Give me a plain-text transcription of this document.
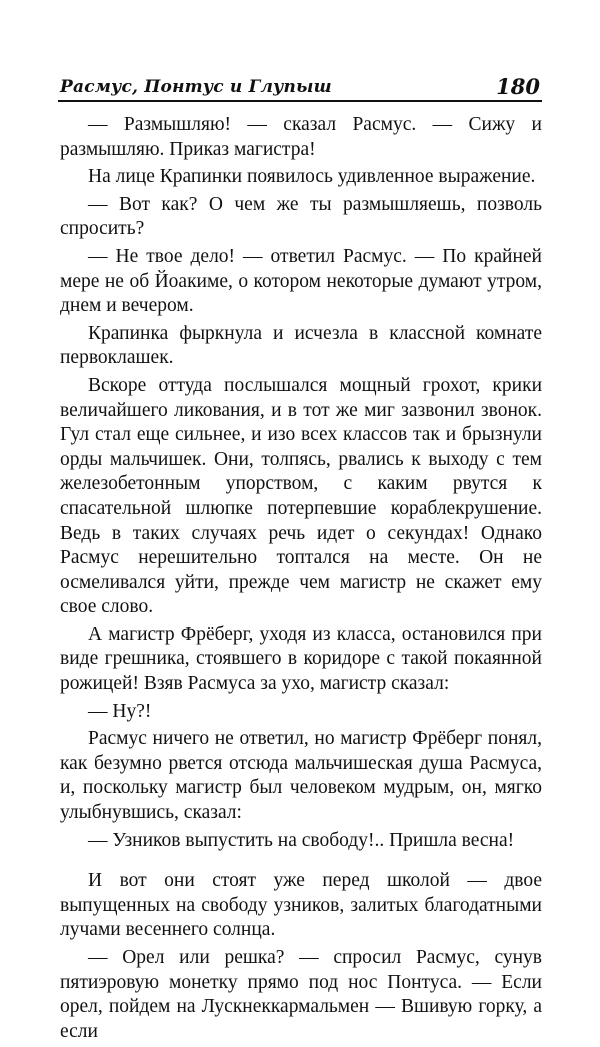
Расмус, Понтус и Глупыш	180

— Размышляю! — сказал Расмус. — Сижу и размышляю. Приказ магистра!

На лице Крапинки появилось удивленное выражение.

— Вот как? О чем же ты размышляешь, позволь спросить?

— Не твое дело! — ответил Расмус. — По крайней мере не об Йоакиме, о котором некоторые думают утром, днем и вечером.

Крапинка фыркнула и исчезла в классной комнате первоклашек.

Вскоре оттуда послышался мощный грохот, крики величайшего ликования, и в тот же миг зазвонил звонок. Гул стал еще сильнее, и изо всех классов так и брызнули орды мальчишек. Они, толпясь, рвались к выходу с тем железобетонным упорством, с каким рвутся к спасательной шлюпке потерпевшие кораблекрушение. Ведь в таких случаях речь идет о секундах! Однако Расмус нерешительно топтался на месте. Он не осмеливался уйти, прежде чем магистр не скажет ему свое слово.

А магистр Фрёберг, уходя из класса, остановился при виде грешника, стоявшего в коридоре с такой покаянной рожицей! Взяв Расмуса за ухо, магистр сказал:

— Ну?!

Расмус ничего не ответил, но магистр Фрёберг понял, как безумно рвется отсюда мальчишеская душа Расмуса, и, поскольку магистр был человеком мудрым, он, мягко улыбнувшись, сказал:

— Узников выпустить на свободу!.. Пришла весна!

И вот они стоят уже перед школой — двое выпущенных на свободу узников, залитых благодатными лучами весеннего солнца.

— Орел или решка? — спросил Расмус, сунув пятиэровую монетку прямо под нос Понтуса. — Если орел, пойдем на Лускнеккармальмен — Вшивую горку, а если
